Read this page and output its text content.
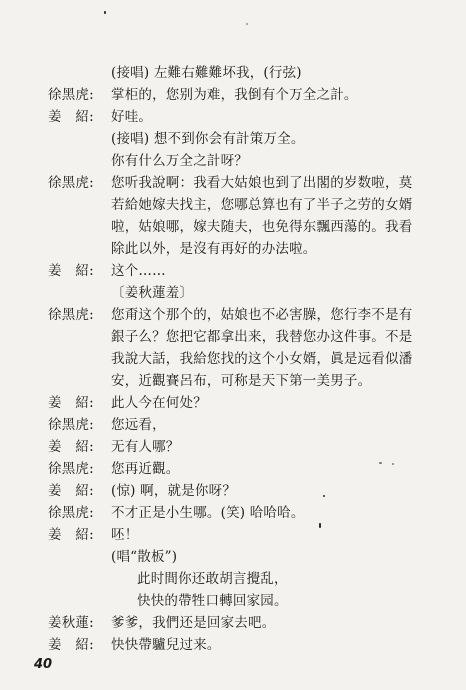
(接唱) 左難右難難坏我，(行弦)
徐黑虎:	掌柜的，您别为难，我倒有个万全之計。
姜　紹:	好哇。
(接唱) 想不到你会有計策万全。
你有什么万全之計呀？
徐黑虎:	您听我說啊：我看大姑娘也到了出閣的岁数啦，莫
若給她嫁夫找主，您哪总算也有了半子之劳的女婿
啦，姑娘哪，嫁夫随夫，也免得东飄西蕩的。我看
除此以外，是沒有再好的办法啦。
姜　紹:	这个……
〔姜秋蓮羞〕
徐黑虎:	您甭这个那个的，姑娘也不必害臊，您行李不是有
銀子么？您把它都拿出来，我替您办这件事。不是
我說大話，我給您找的这个小女婿，眞是远看似潘
安，近觀賽呂布，可称是天下第一美男子。
姜　紹:	此人今在何处？
徐黑虎:	您远看，
姜　紹:	无有人哪？
徐黑虎:	您再近觀。
姜　紹:	(惊) 啊，就是你呀？
徐黑虎:	不才正是小生哪。(笑) 哈哈哈。
姜　紹:	呸！
(唱“散板”)
此时間你还敢胡言攪乱，
快快的帶牲口轉回家园。
姜秋蓮:	爹爹，我們还是回家去吧。
姜　紹:	快快帶驢兒过来。
40
